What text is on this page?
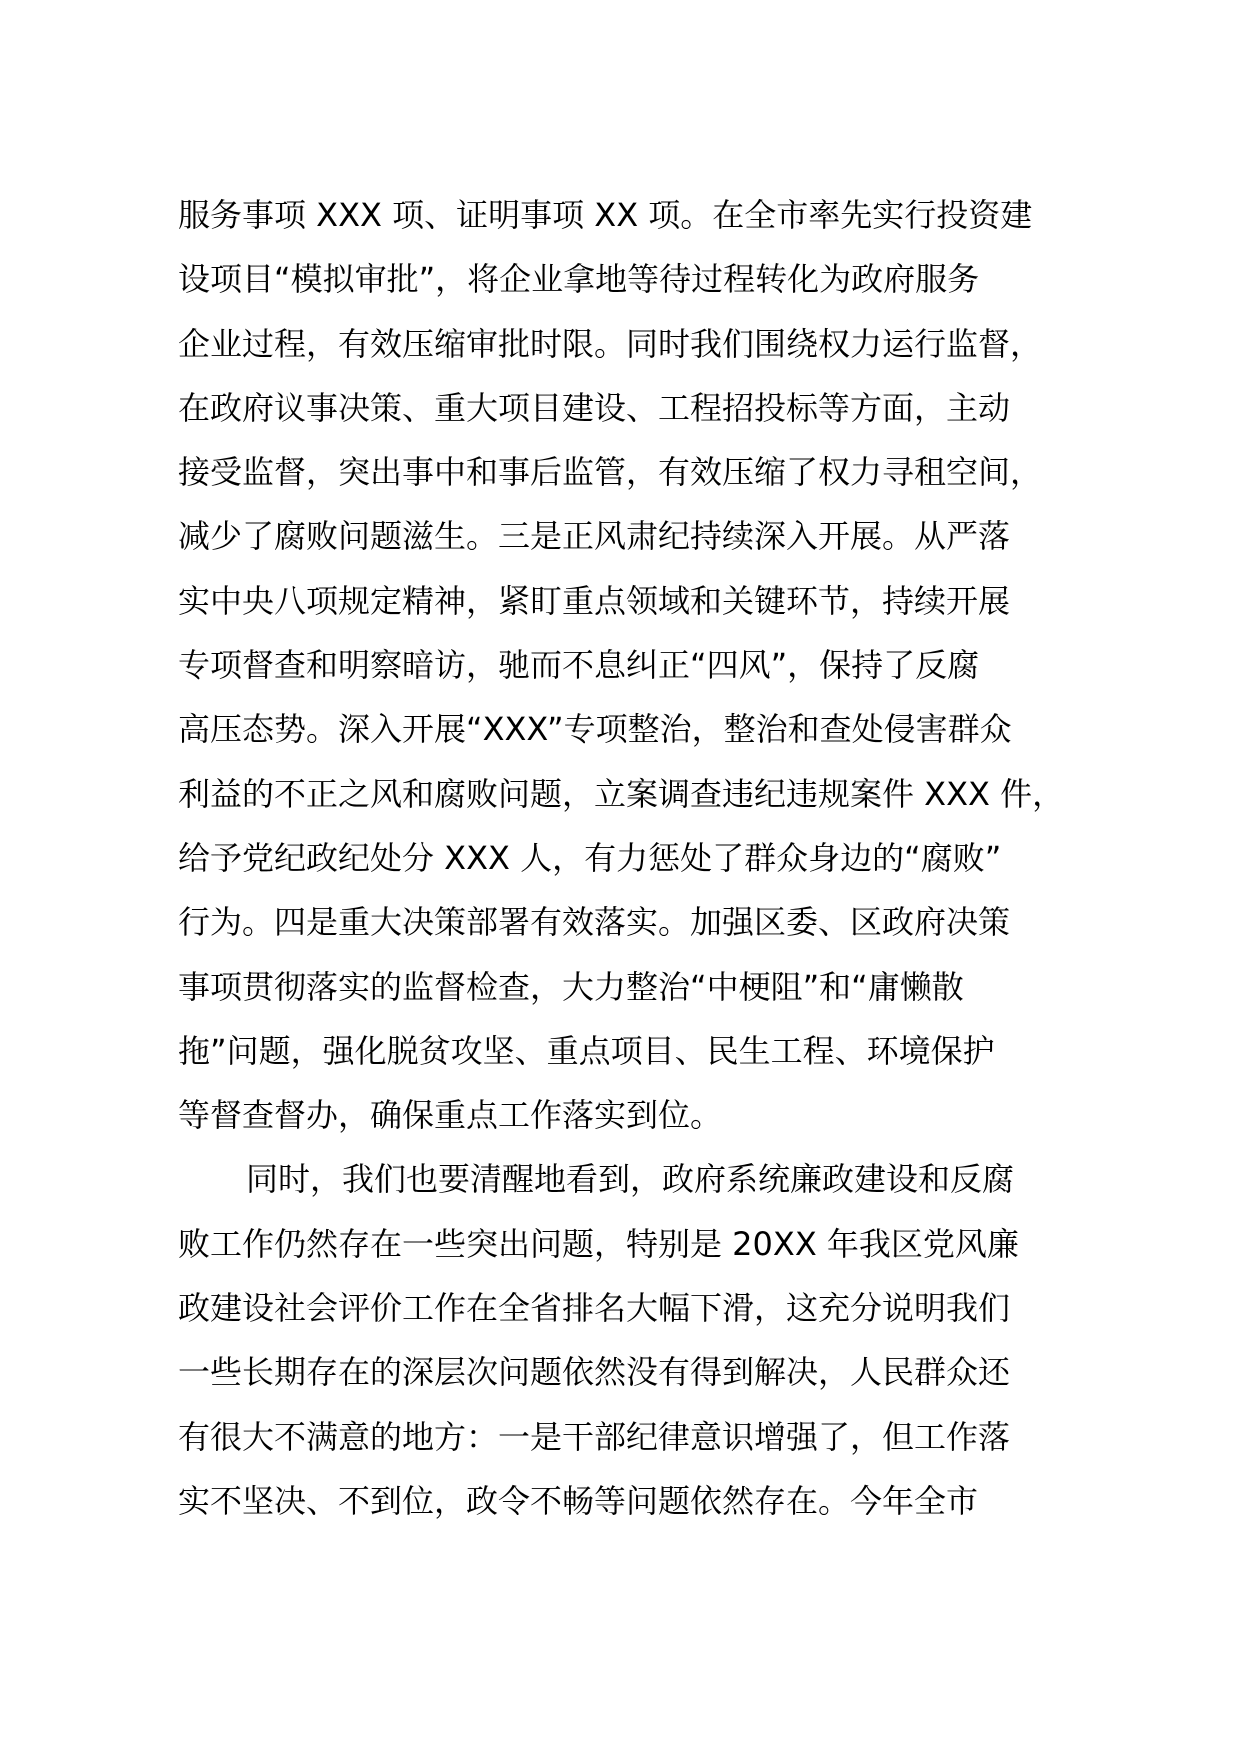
服务事项 XXX 项、证明事项 XX 项。在全市率先实行投资建
设项目“模拟审批”，将企业拿地等待过程转化为政府服务
企业过程，有效压缩审批时限。同时我们围绕权力运行监督，
在政府议事决策、重大项目建设、工程招投标等方面，主动
接受监督，突出事中和事后监管，有效压缩了权力寻租空间，
减少了腐败问题滋生。三是正风肃纪持续深入开展。从严落
实中央八项规定精神，紧盯重点领域和关键环节，持续开展
专项督查和明察暗访，驰而不息纠正“四风”，保持了反腐
高压态势。深入开展“XXX”专项整治，整治和查处侵害群众
利益的不正之风和腐败问题，立案调查违纪违规案件 XXX 件，
给予党纪政纪处分 XXX 人，有力惩处了群众身边的“腐败”
行为。四是重大决策部署有效落实。加强区委、区政府决策
事项贯彻落实的监督检查，大力整治“中梗阻”和“庸懒散
拖”问题，强化脱贫攻坚、重点项目、民生工程、环境保护
等督查督办，确保重点工作落实到位。
同时，我们也要清醒地看到，政府系统廉政建设和反腐
败工作仍然存在一些突出问题，特别是 20XX 年我区党风廉
政建设社会评价工作在全省排名大幅下滑，这充分说明我们
一些长期存在的深层次问题依然没有得到解决，人民群众还
有很大不满意的地方：一是干部纪律意识增强了，但工作落
实不坚决、不到位，政令不畅等问题依然存在。今年全市
